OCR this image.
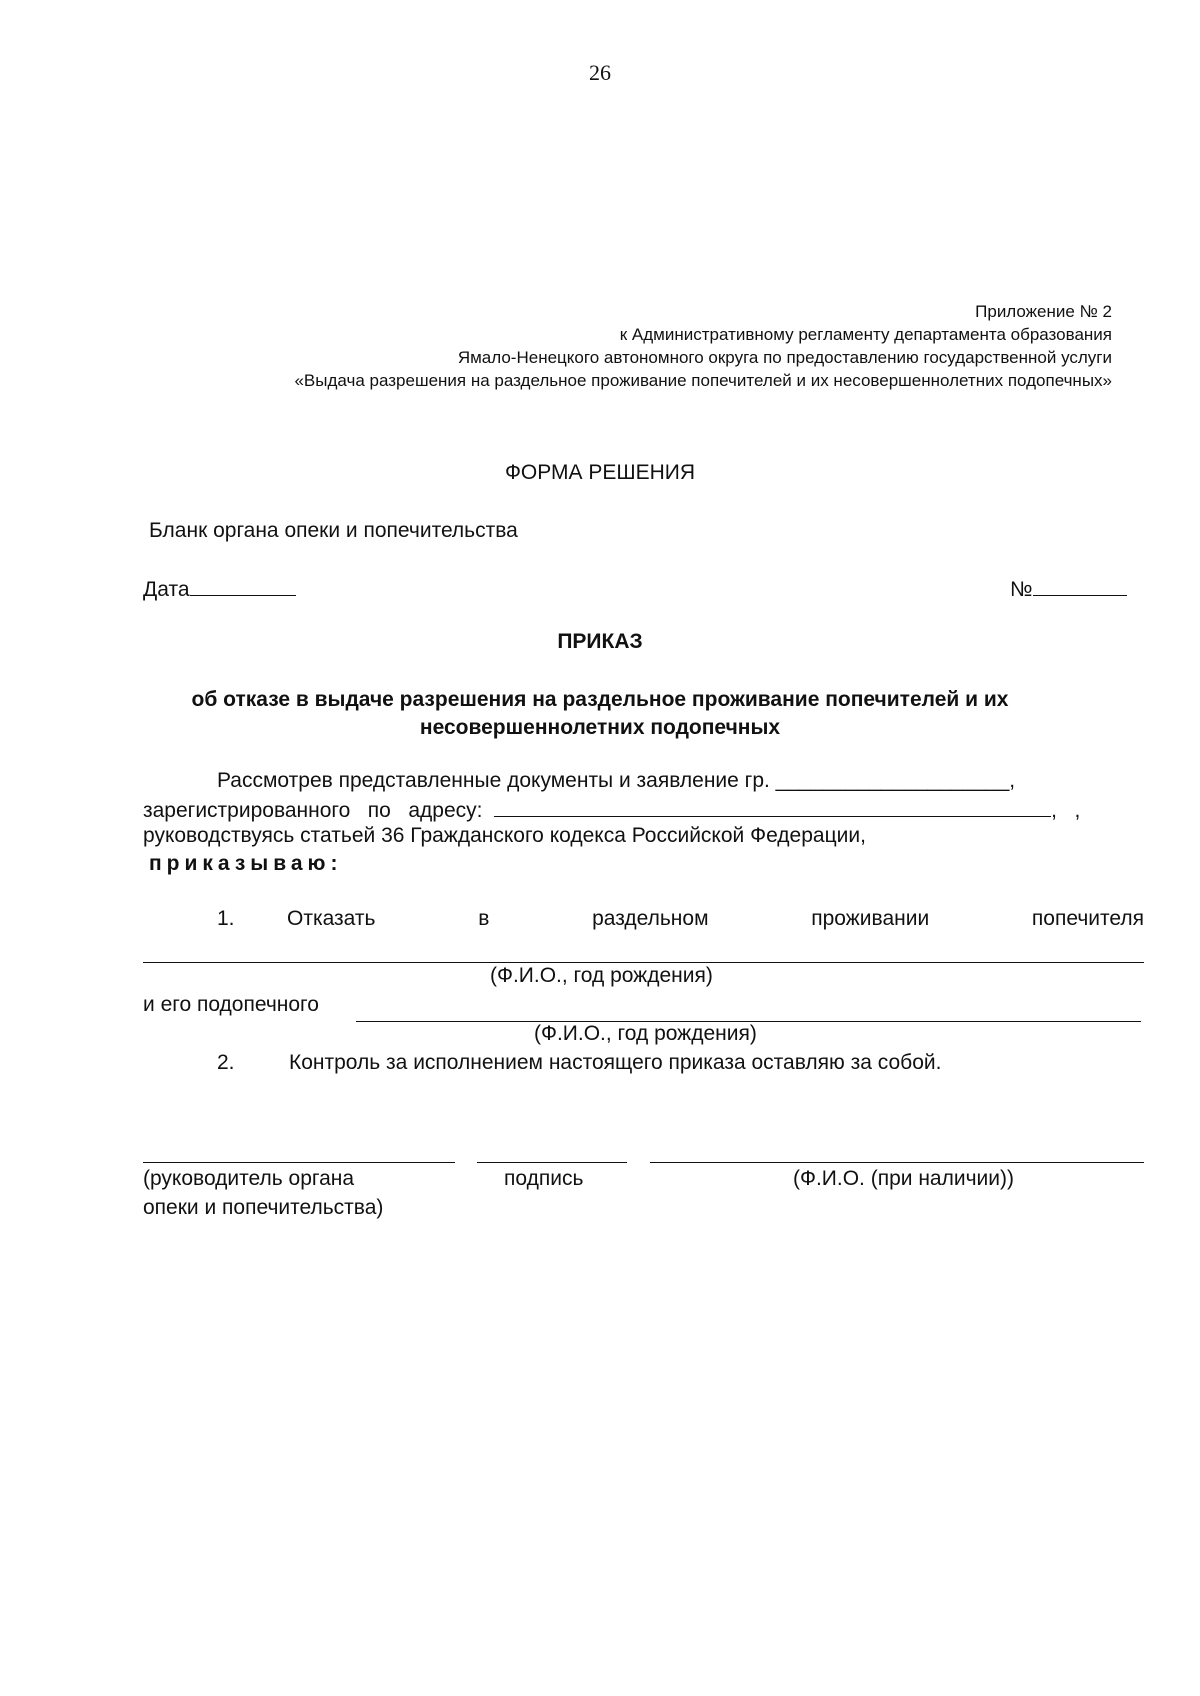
26
Приложение № 2
к Административному регламенту департамента образования
Ямало-Ненецкого автономного округа по предоставлению государственной услуги
«Выдача разрешения на раздельное проживание попечителей и их несовершеннолетних подопечных»
ФОРМА РЕШЕНИЯ
Бланк органа опеки и попечительства
Дата	№
ПРИКАЗ
об отказе в выдаче разрешения на раздельное проживание попечителей и их
несовершеннолетних подопечных
Рассмотрев представленные документы и заявление гр. ____________________,
зарегистрированного   по   адресу:	,   ,
руководствуясь статьей 36 Гражданского кодекса Российской Федерации,
приказываю:
1. Отказать	в	раздельном	проживании	попечителя
(Ф.И.О., год рождения)
и его подопечного
(Ф.И.О., год рождения)
2.	Контроль за исполнением настоящего приказа оставляю за собой.
(руководитель органа
опеки и попечительства)
подпись	(Ф.И.О. (при наличии))
